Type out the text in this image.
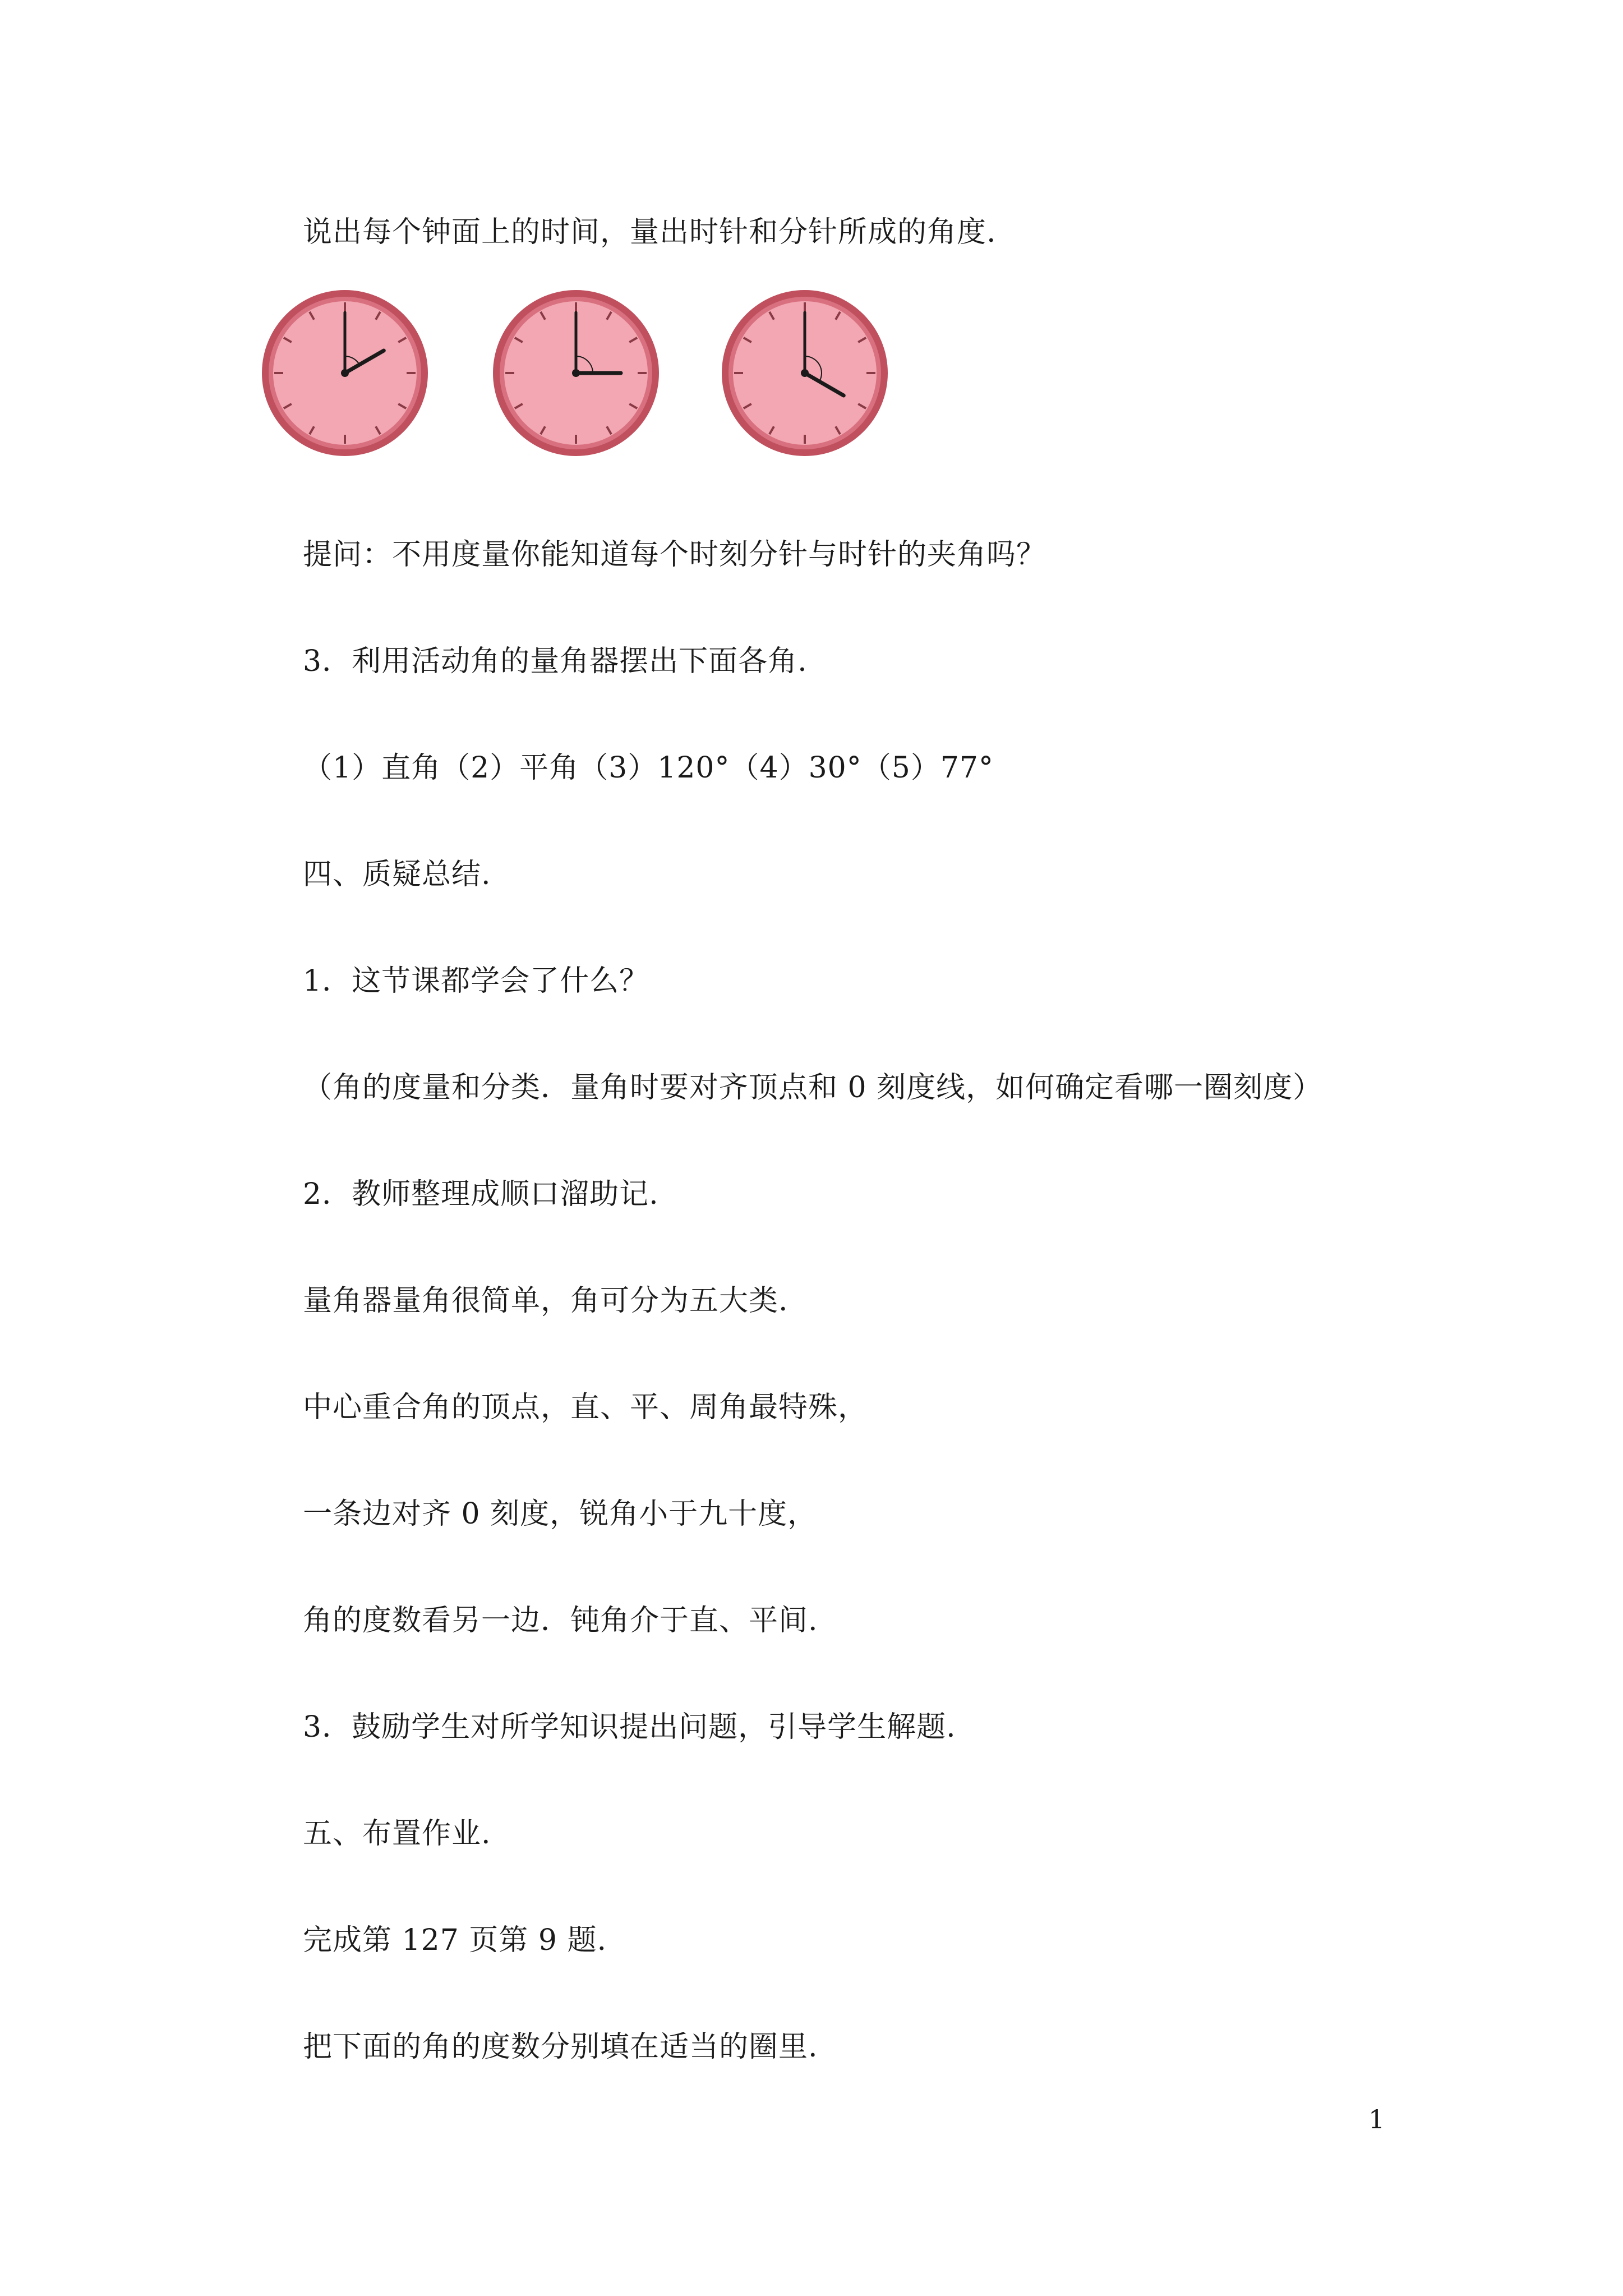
说出每个钟面上的时间，量出时针和分针所成的角度.
提问：不用度量你能知道每个时刻分针与时针的夹角吗？
3．利用活动角的量角器摆出下面各角.
（1）直角（2）平角（3）120°（4）30°（5）77°
四、质疑总结.
1．这节课都学会了什么？
（角的度量和分类．量角时要对齐顶点和 0 刻度线，如何确定看哪一圈刻度）
2．教师整理成顺口溜助记.
量角器量角很简单，角可分为五大类.
中心重合角的顶点，直、平、周角最特殊，
一条边对齐 0 刻度，锐角小于九十度，
角的度数看另一边．钝角介于直、平间.
3．鼓励学生对所学知识提出问题，引导学生解题.
五、布置作业.
完成第 127 页第 9 题.
把下面的角的度数分别填在适当的圈里.
1
